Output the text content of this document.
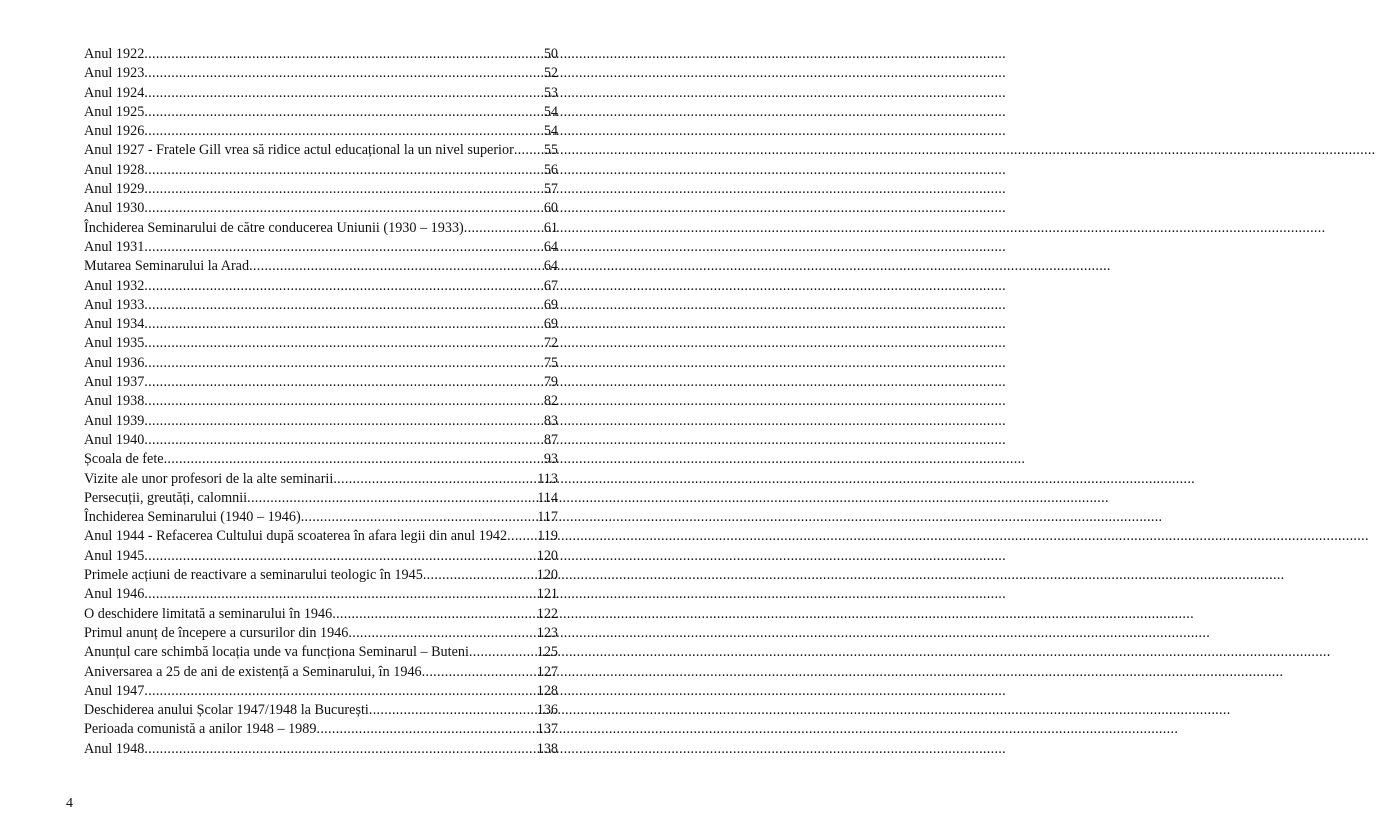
Anul 1922 .....	50
Anul 1923 .....	52
Anul 1924 .....	53
Anul 1925 .....	54
Anul 1926 .....	54
Anul 1927 - Fratele Gill vrea să ridice actul educațional la un nivel superior ..... 55
Anul 1928 .....	56
Anul 1929 .....	57
Anul 1930 .....	60
Închiderea Seminarului de către conducerea Uniunii (1930 – 1933) .....	61
Anul 1931 .....	64
Mutarea Seminarului la Arad .....	64
Anul 1932 .....	67
Anul 1933 .....	69
Anul 1934 .....	69
Anul 1935 .....	72
Anul 1936 .....	75
Anul 1937 .....	79
Anul 1938 .....	82
Anul 1939 .....	83
Anul 1940 .....	87
Școala de fete .....	93
Vizite ale unor profesori de la alte seminarii .....	113
Persecuții, greutăți, calomnii .....	114
Închiderea Seminarului (1940 – 1946) .....	117
Anul 1944 - Refacerea Cultului după scoaterea în afara legii din anul 1942 ..... 119
Anul 1945 .....	120
Primele acțiuni de reactivare a seminarului teologic în 1945 .....	120
Anul 1946 .....	121
O deschidere limitată a seminarului în 1946 .....	122
Primul anunț de începere a cursurilor din 1946 .....	123
Anunțul care schimbă locația unde va funcționa Seminarul – Buteni .....	125
Aniversarea a 25 de ani de existență a Seminarului, în 1946 .....	127
Anul 1947 .....	128
Deschiderea anului Școlar 1947/1948 la București .....	136
Perioada comunistă a anilor 1948 – 1989 .....	137
Anul 1948 .....	138
4
